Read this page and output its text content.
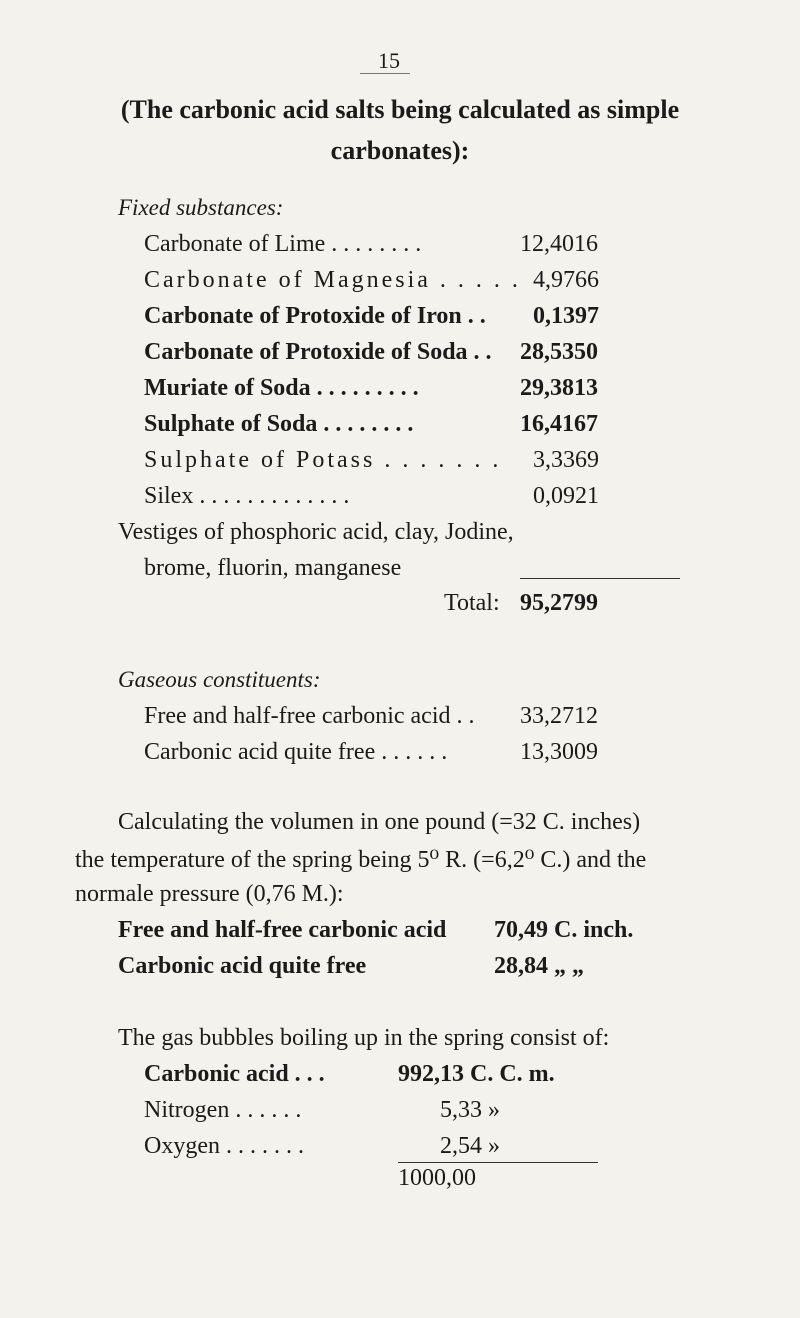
15
(The carbonic acid salts being calculated as simple
carbonates):
Fixed substances:
Carbonate of Lime . . . . . . . .	12,4016
Carbonate of Magnesia . . . . . 4,9766
Carbonate of Protoxide of Iron . . 0,1397
Carbonate of Protoxide of Soda . . 28,5350
Muriate of Soda . . . . . . . . .	29,3813
Sulphate of Soda . . . . . . . .	16,4167
Sulphate of Potass . . . . . . . 3,3369
Silex . . . . . . . . . . . . .	0,0921
Vestiges of phosphoric acid, clay, Jodine,
brome, fluorin, manganese
Total: 95,2799
Gaseous constituents:
Free and half-free carbonic acid . . 33,2712
Carbonic acid quite free . . . . . .	13,3009
Calculating the volumen in one pound (=32 C. inches)
the temperature of the spring being 5⁰ R. (=6,2⁰ C.) and the
normale pressure (0,76 M.):
Free and half-free carbonic acid 70,49 C. inch.
Carbonic acid quite free	28,84 „ „
The gas bubbles boiling up in the spring consist of:
Carbonic acid . . .	992,13 C. C. m.
Nitrogen . . . . . .	5,33 »
Oxygen . . . . . . .	2,54 »
1000,00
